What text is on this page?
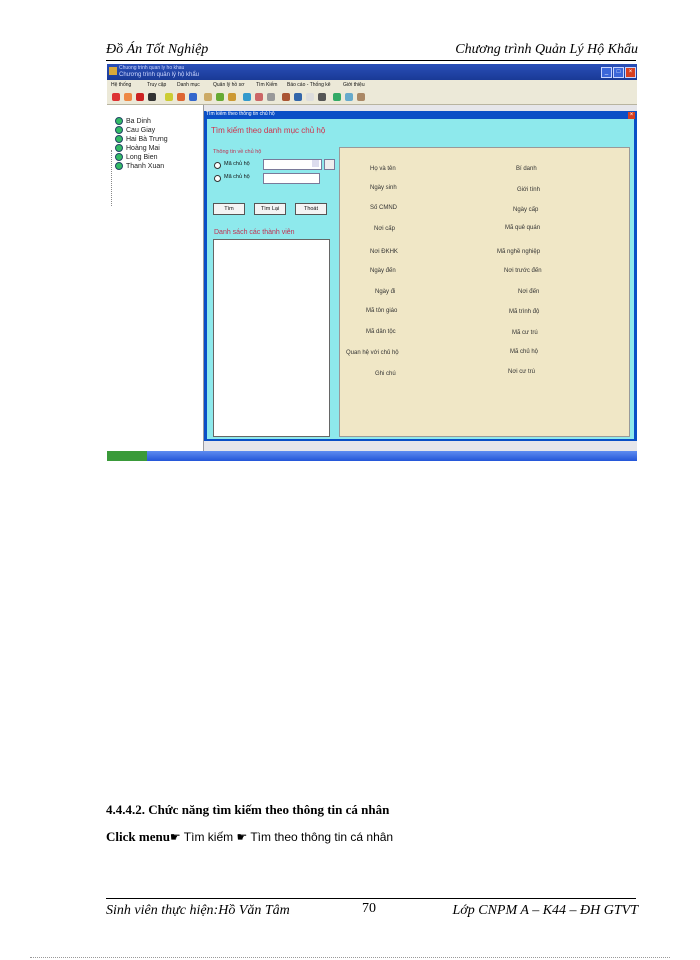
Đồ Án Tốt Nghiệp	Chương trình Quản Lý Hộ Khẩu
Chuong trinh quan ly ho khau
Chương trình quản lý hộ khẩu	_	□	×
Hệ thống	Truy cập Danh mục	Quản lý hồ sơ Tìm Kiếm Báo cáo - Thống kê Giới thiệu
Ba Dinh
Cau Giay
Hai Bà Trưng
Hoàng Mai
Long Bien
Thanh Xuan
Tìm kiếm theo thông tin chủ hộ	×
Tìm kiếm theo danh mục chủ hộ
Thông tin về chủ hộ
Mã chủ hộ
Mã chủ hộ
Tìm	Tìm Lại	Thoát
Danh sách các thành viên
Họ và tên
Ngày sinh
Số CMND
Nơi cấp
Nơi ĐKHK
Ngày đến
Ngày đi
Mã tôn giáo
Mã dân tộc
Quan hệ với chủ hộ
Ghi chú
Bí danh
Giới tính
Ngày cấp
Mã quê quán
Mã nghề nghiệp
Nơi trước đến
Nơi đến
Mã trình độ
Mã cư trú
Mã chủ hộ
Nơi cư trú
4.4.4.2. Chức năng tìm kiếm theo thông tin cá nhân
Click menu☛ Tìm kiếm ☛ Tìm theo thông tin cá nhân
Sinh viên thực hiện:Hồ Văn Tâm	70	Lớp CNPM A – K44 – ĐH GTVT
